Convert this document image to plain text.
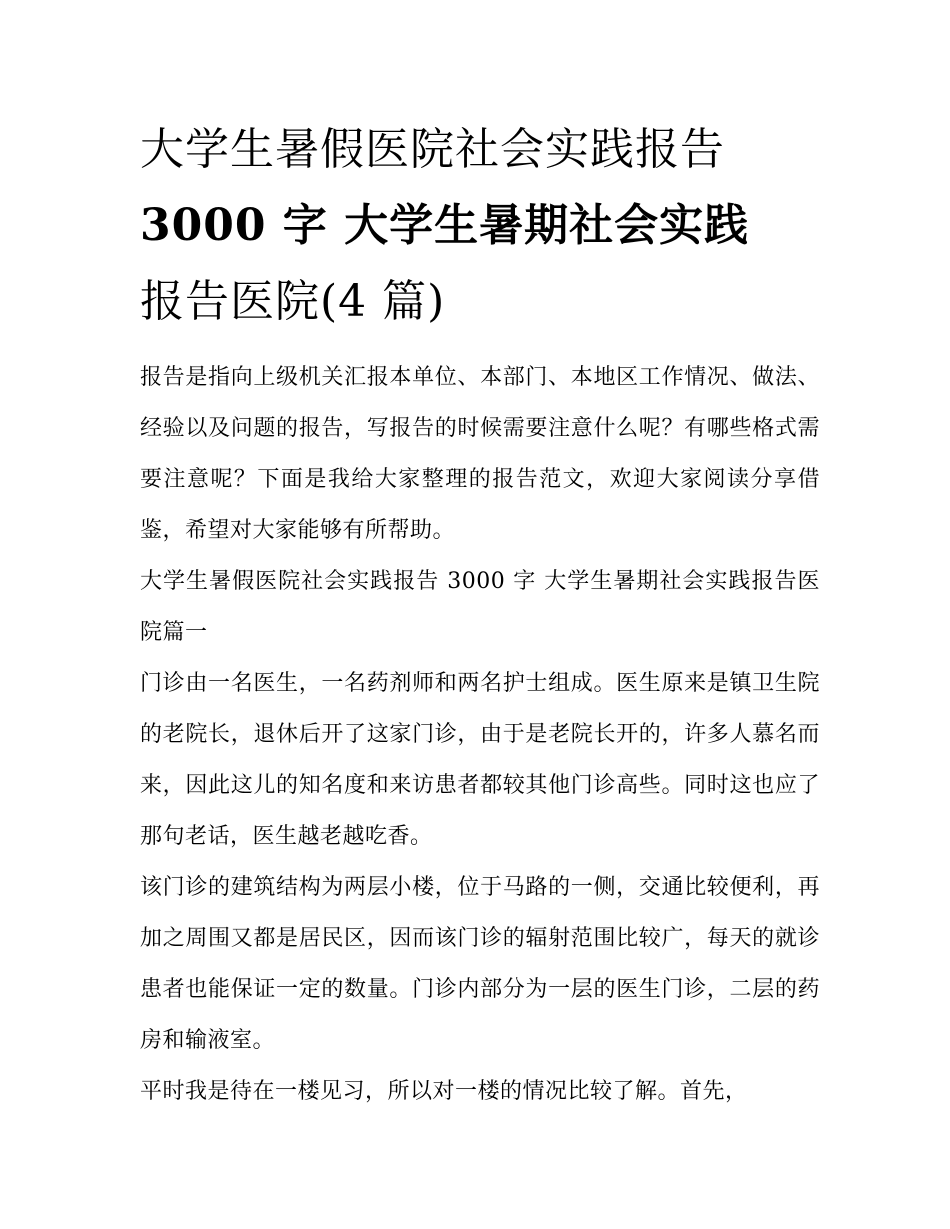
大学生暑假医院社会实践报告
3000 字 大学生暑期社会实践
报告医院(4 篇)

报告是指向上级机关汇报本单位、本部门、本地区工作情况、做法、经验以及问题的报告，写报告的时候需要注意什么呢？有哪些格式需要注意呢？下面是我给大家整理的报告范文，欢迎大家阅读分享借鉴，希望对大家能够有所帮助。

大学生暑假医院社会实践报告 3000 字 大学生暑期社会实践报告医院篇一

门诊由一名医生，一名药剂师和两名护士组成。医生原来是镇卫生院的老院长，退休后开了这家门诊，由于是老院长开的，许多人慕名而来，因此这儿的知名度和来访患者都较其他门诊高些。同时这也应了那句老话，医生越老越吃香。

该门诊的建筑结构为两层小楼，位于马路的一侧，交通比较便利，再加之周围又都是居民区，因而该门诊的辐射范围比较广，每天的就诊患者也能保证一定的数量。门诊内部分为一层的医生门诊，二层的药房和输液室。

平时我是待在一楼见习，所以对一楼的情况比较了解。首先，
